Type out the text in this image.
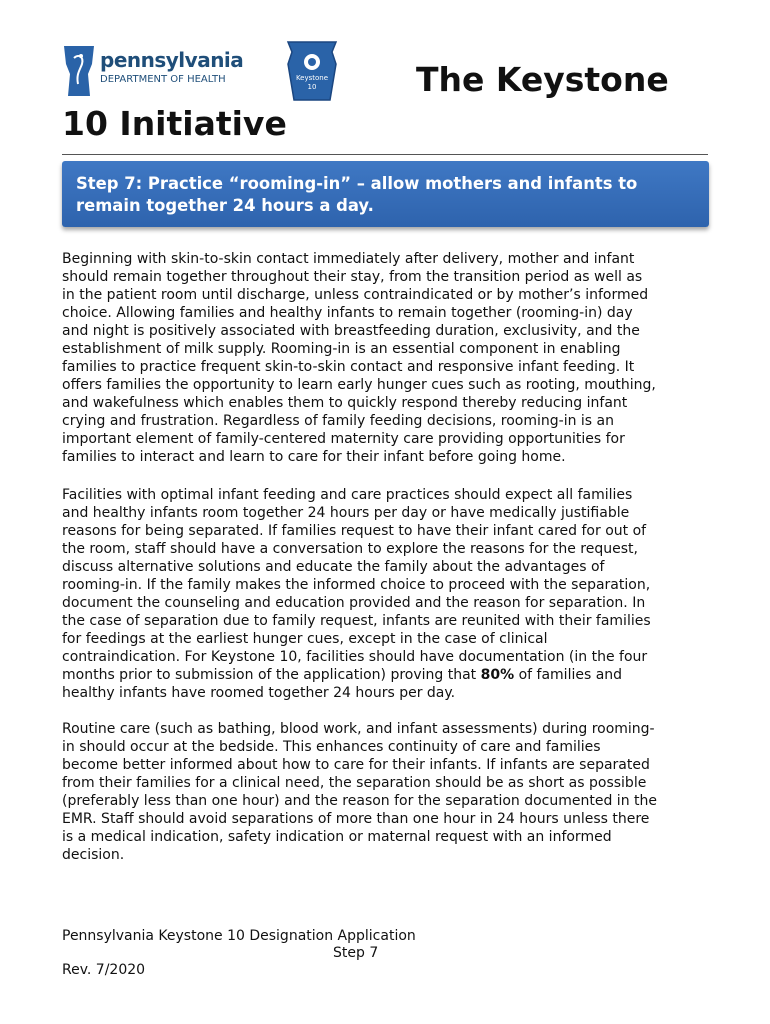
pennsylvania
DEPARTMENT OF HEALTH	Keystone
10	The Keystone
10 Initiative
Step 7: Practice “rooming-in” – allow mothers and infants to
remain together 24 hours a day.
Beginning with skin-to-skin contact immediately after delivery, mother and infant
should remain together throughout their stay, from the transition period as well as
in the patient room until discharge, unless contraindicated or by mother’s informed
choice. Allowing families and healthy infants to remain together (rooming-in) day
and night is positively associated with breastfeeding duration, exclusivity, and the
establishment of milk supply. Rooming-in is an essential component in enabling
families to practice frequent skin-to-skin contact and responsive infant feeding. It
offers families the opportunity to learn early hunger cues such as rooting, mouthing,
and wakefulness which enables them to quickly respond thereby reducing infant
crying and frustration. Regardless of family feeding decisions, rooming-in is an
important element of family-centered maternity care providing opportunities for
families to interact and learn to care for their infant before going home.
Facilities with optimal infant feeding and care practices should expect all families
and healthy infants room together 24 hours per day or have medically justifiable
reasons for being separated. If families request to have their infant cared for out of
the room, staff should have a conversation to explore the reasons for the request,
discuss alternative solutions and educate the family about the advantages of
rooming-in. If the family makes the informed choice to proceed with the separation,
document the counseling and education provided and the reason for separation. In
the case of separation due to family request, infants are reunited with their families
for feedings at the earliest hunger cues, except in the case of clinical
contraindication. For Keystone 10, facilities should have documentation (in the four
months prior to submission of the application) proving that 80% of families and
healthy infants have roomed together 24 hours per day.
Routine care (such as bathing, blood work, and infant assessments) during rooming-
in should occur at the bedside. This enhances continuity of care and families
become better informed about how to care for their infants. If infants are separated
from their families for a clinical need, the separation should be as short as possible
(preferably less than one hour) and the reason for the separation documented in the
EMR. Staff should avoid separations of more than one hour in 24 hours unless there
is a medical indication, safety indication or maternal request with an informed
decision.
Pennsylvania Keystone 10 Designation Application
Step 7
Rev. 7/2020
